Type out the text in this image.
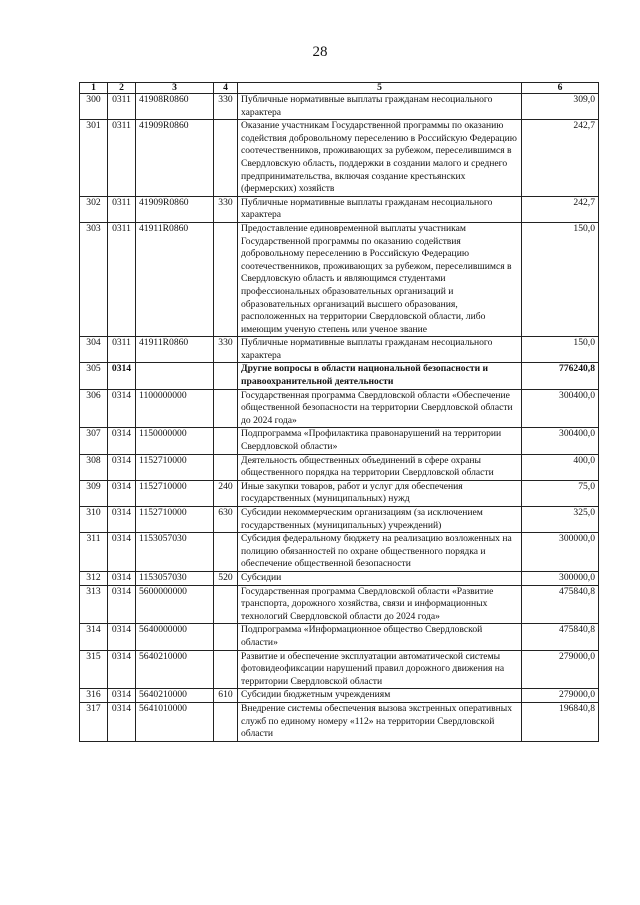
28
1	2	3	4	5	6
300	0311	41908R0860	330	Публичные нормативные выплаты гражданам несоциального характера	309,0
301	0311	41909R0860		Оказание участникам Государственной программы по оказанию содействия добровольному переселению в Российскую Федерацию соотечественников, проживающих за рубежом, переселившимся в Свердловскую область, поддержки в создании малого и среднего предпринимательства, включая создание крестьянских (фермерских) хозяйств	242,7
302	0311	41909R0860	330	Публичные нормативные выплаты гражданам несоциального характера	242,7
303	0311	41911R0860		Предоставление единовременной выплаты участникам Государственной программы по оказанию содействия добровольному переселению в Российскую Федерацию соотечественников, проживающих за рубежом, переселившимся в Свердловскую область и являющимся студентами профессиональных образовательных организаций и образовательных организаций высшего образования, расположенных на территории Свердловской области, либо имеющим ученую степень или ученое звание	150,0
304	0311	41911R0860	330	Публичные нормативные выплаты гражданам несоциального характера	150,0
305	0314			Другие вопросы в области национальной безопасности и правоохранительной деятельности	776240,8
306	0314	1100000000		Государственная программа Свердловской области «Обеспечение общественной безопасности на территории Свердловской области до 2024 года»	300400,0
307	0314	1150000000		Подпрограмма «Профилактика правонарушений на территории Свердловской области»	300400,0
308	0314	1152710000		Деятельность общественных объединений в сфере охраны общественного порядка на территории Свердловской области	400,0
309	0314	1152710000	240	Иные закупки товаров, работ и услуг для обеспечения государственных (муниципальных) нужд	75,0
310	0314	1152710000	630	Субсидии некоммерческим организациям (за исключением государственных (муниципальных) учреждений)	325,0
311	0314	1153057030		Субсидия федеральному бюджету на реализацию возложенных на полицию обязанностей по охране общественного порядка и обеспечение общественной безопасности	300000,0
312	0314	1153057030	520	Субсидии	300000,0
313	0314	5600000000		Государственная программа Свердловской области «Развитие транспорта, дорожного хозяйства, связи и информационных технологий Свердловской области до 2024 года»	475840,8
314	0314	5640000000		Подпрограмма «Информационное общество Свердловской области»	475840,8
315	0314	5640210000		Развитие и обеспечение эксплуатации автоматической системы фотовидеофиксации нарушений правил дорожного движения на территории Свердловской области	279000,0
316	0314	5640210000	610	Субсидии бюджетным учреждениям	279000,0
317	0314	5641010000		Внедрение системы обеспечения вызова экстренных оперативных служб по единому номеру «112» на территории Свердловской области	196840,8
